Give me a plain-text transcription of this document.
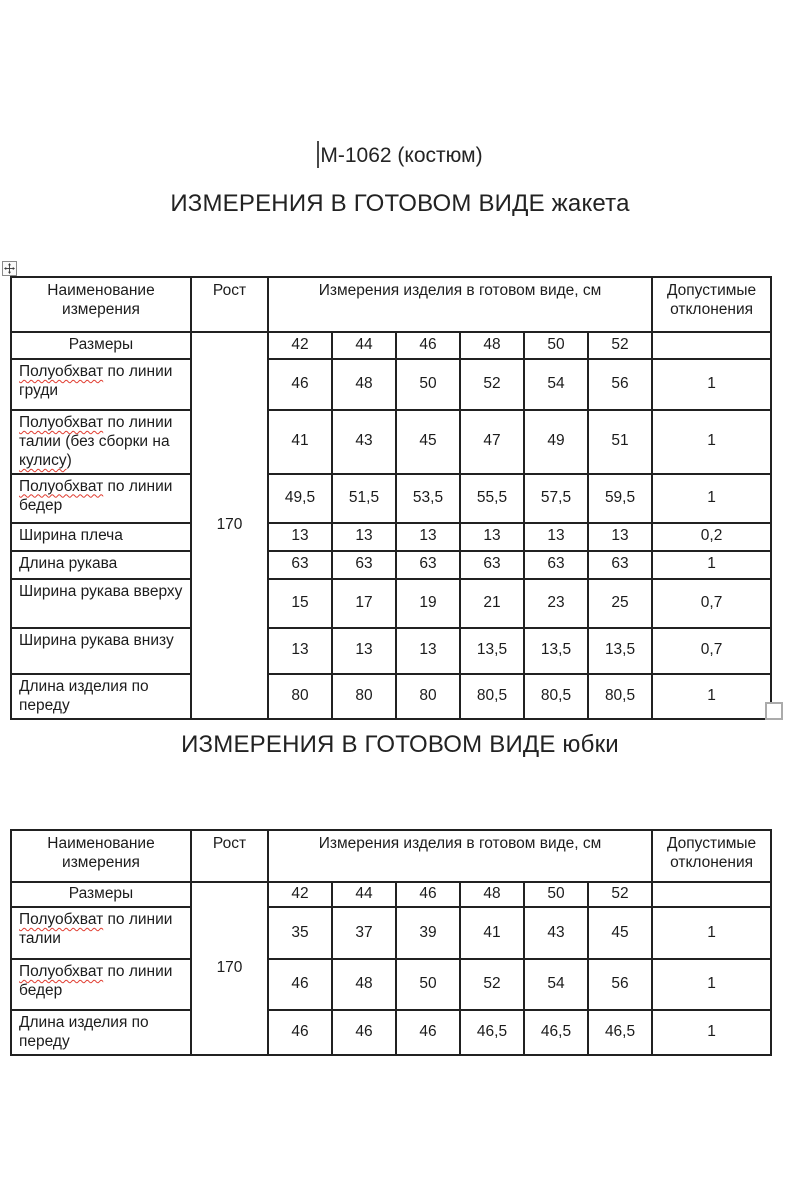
М-1062 (костюм)
ИЗМЕРЕНИЯ В ГОТОВОМ ВИДЕ жакета
ИЗМЕРЕНИЯ В ГОТОВОМ ВИДЕ юбки
Наименование
измерения	Рост	Измерения изделия в готовом виде, см						Допустимые
отклонения
Размеры	170	42	44	46	48	50	52	
Полуобхват по линии груди		46	48	50	52	54	56	1
Полуобхват по линии талии (без сборки на кулису)		41	43	45	47	49	51	1
Полуобхват по линии бедер		49,5	51,5	53,5	55,5	57,5	59,5	1
Ширина плеча		13	13	13	13	13	13	0,2
Длина рукава		63	63	63	63	63	63	1
Ширина рукава вверху		15	17	19	21	23	25	0,7
Ширина рукава внизу		13	13	13	13,5	13,5	13,5	0,7
Длина изделия по переду		80	80	80	80,5	80,5	80,5	1
Наименование
измерения	Рост	Измерения изделия в готовом виде, см						Допустимые
отклонения
Размеры	170	42	44	46	48	50	52	
Полуобхват по линии талии		35	37	39	41	43	45	1
Полуобхват по линии бедер		46	48	50	52	54	56	1
Длина изделия по переду		46	46	46	46,5	46,5	46,5	1
